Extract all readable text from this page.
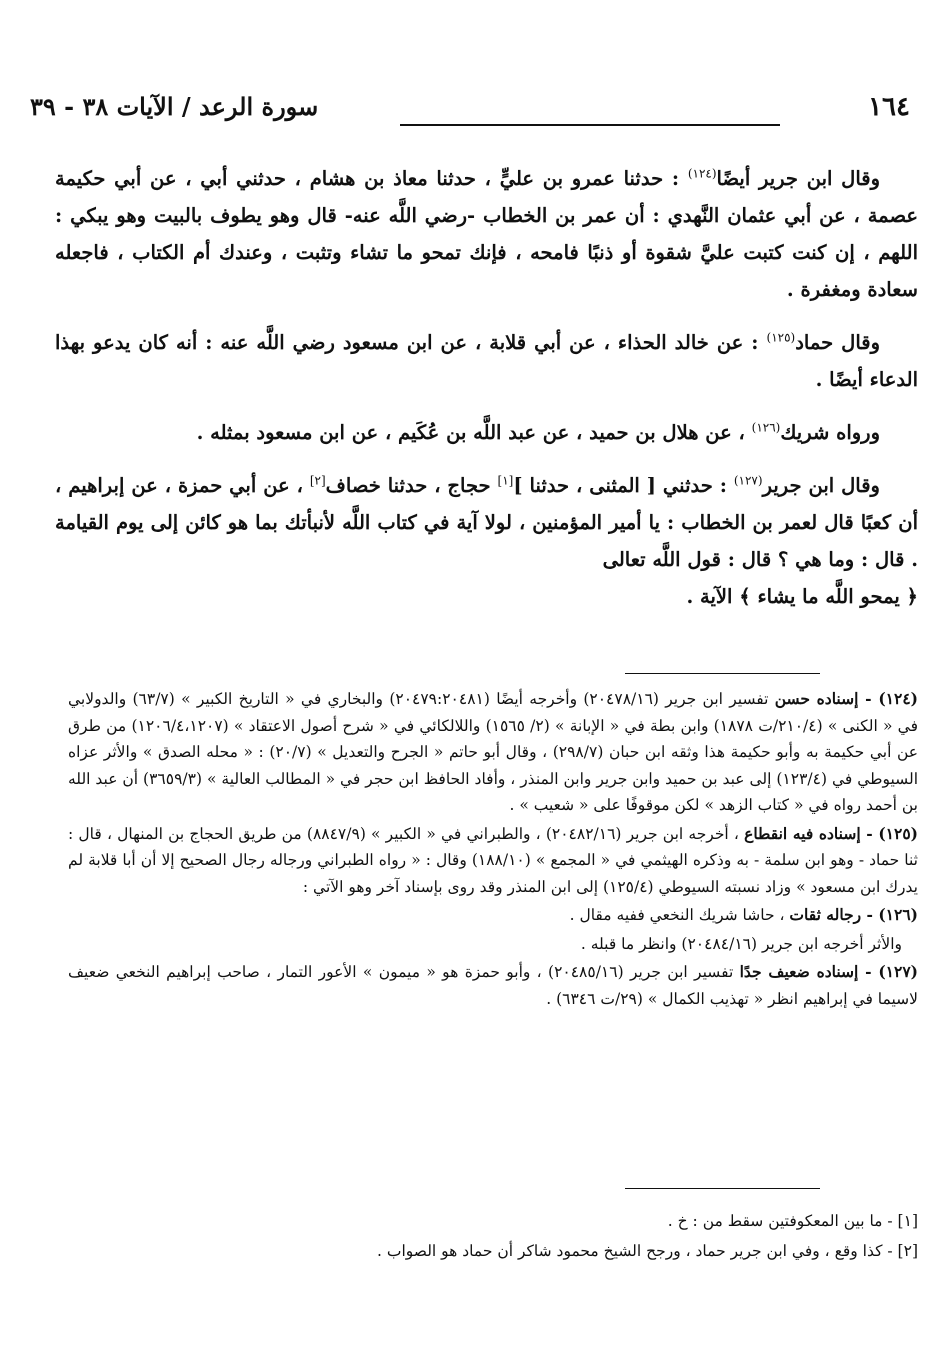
١٦٤
سورة الرعد / الآيات ٣٨ - ٣٩

وقال ابن جرير أيضًا$^{(١٢٤)}$ : حدثنا عمرو بن عليٍّ ، حدثنا معاذ بن هشام ، حدثني أبي ، عن أبي حكيمة عصمة ، عن أبي عثمان النَّهدي : أن عمر بن الخطاب -رضي اللَّه عنه- قال وهو يطوف بالبيت وهو يبكي : اللهم ، إن كنت كتبت عليَّ شقوة أو ذنبًا فامحه ، فإنك تمحو ما تشاء وتثبت ، وعندك أم الكتاب ، فاجعله سعادة ومغفرة .

وقال حماد$^{(١٢٥)}$ : عن خالد الحذاء ، عن أبي قلابة ، عن ابن مسعود رضي اللَّه عنه : أنه كان يدعو بهذا الدعاء أيضًا .

ورواه شريك$^{(١٢٦)}$ ، عن هلال بن حميد ، عن عبد اللَّه بن عُكَيم ، عن ابن مسعود بمثله .

وقال ابن جرير$^{(١٢٧)}$ : حدثني [ المثنى ، حدثنا ][١] حجاج ، حدثنا خصاف[٢] ، عن أبي حمزة ، عن إبراهيم ، أن كعبًا قال لعمر بن الخطاب : يا أمير المؤمنين ، لولا آية في كتاب اللَّه لأنبأتك بما هو كائن إلى يوم القيامة . قال : وما هي ؟ قال : قول اللَّه تعالى
﴿ يمحو اللَّه ما يشاء ﴾ الآية .

(١٢٤) - إسناده حسن تفسير ابن جرير (٢٠٤٧٨/١٦) وأخرجه أيضًا (٢٠٤٧٩:٢٠٤٨١) والبخاري في « التاريخ الكبير » (٦٣/٧) والدولابي في « الكنى » (٢١٠/٤/ت ١٨٧٨) وابن بطة في « الإبانة » (٢/ ١٥٦٥) واللالكائي في « شرح أصول الاعتقاد » (١٢٠٦/٤،١٢٠٧) من طرق عن أبي حكيمة به وأبو حكيمة هذا وثقه ابن حبان (٢٩٨/٧) ، وقال أبو حاتم « الجرح والتعديل » (٢٠/٧) : « محله الصدق » والأثر عزاه السيوطي في (١٢٣/٤) إلى عبد بن حميد وابن جرير وابن المنذر ، وأفاد الحافظ ابن حجر في « المطالب العالية » (٣٦٥٩/٣) أن عبد الله بن أحمد رواه في « كتاب الزهد » لكن موقوفًا على « شعيب » .

(١٢٥) - إسناده فيه انقطاع ، أخرجه ابن جرير (٢٠٤٨٢/١٦) ، والطبراني في « الكبير » (٨٨٤٧/٩) من طريق الحجاج بن المنهال ، قال : ثنا حماد - وهو ابن سلمة - به وذكره الهيثمي في « المجمع » (١٨٨/١٠) وقال : « رواه الطبراني ورجاله رجال الصحيح إلا أن أبا قلابة لم يدرك ابن مسعود » وزاد نسبته السيوطي (١٢٥/٤) إلى ابن المنذر وقد روى بإسناد آخر وهو الآتي :

(١٢٦) - رجاله ثقات ، حاشا شريك النخعي ففيه مقال .

والأثر أخرجه ابن جرير (٢٠٤٨٤/١٦) وانظر ما قبله .

(١٢٧) - إسناده ضعيف جدًا تفسير ابن جرير (٢٠٤٨٥/١٦) ، وأبو حمزة هو « ميمون » الأعور التمار ، صاحب إبراهيم النخعي ضعيف لاسيما في إبراهيم انظر « تهذيب الكمال » (٢٩/ت ٦٣٤٦) .

[١] - ما بين المعكوفتين سقط من : خ .

[٢] - كذا وقع ، وفي ابن جرير حماد ، ورجح الشيخ محمود شاكر أن حماد هو الصواب .
